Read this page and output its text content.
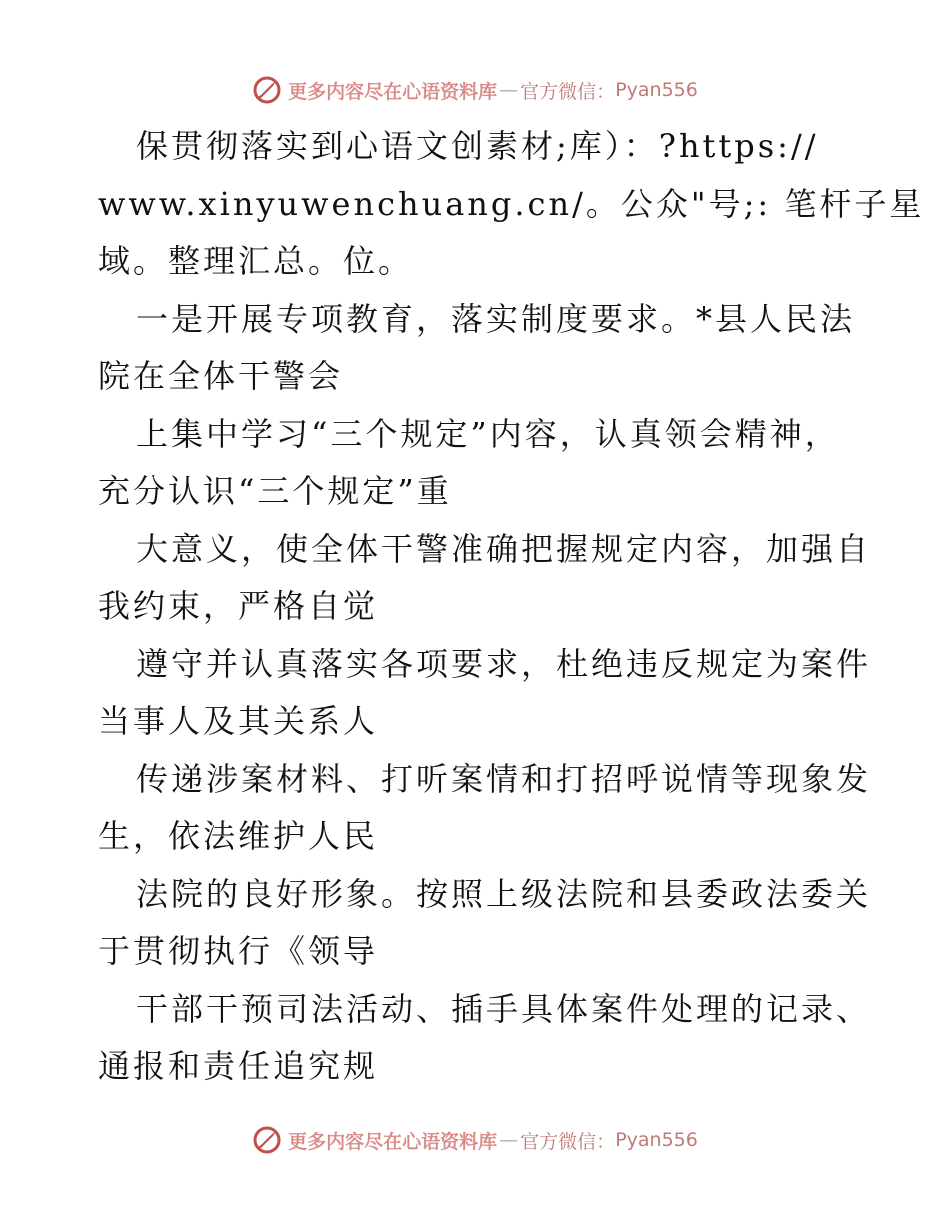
更多内容尽在心语资料库 — 官方微信： Pyan556
保贯彻落实到心语文创素材;库）：?https://
www.xinyuwenchuang.cn/。公众"号;: 笔杆子星
域。整理汇总。位。
一是开展专项教育，落实制度要求。*县人民法
院在全体干警会
上集中学习“三个规定”内容，认真领会精神，
充分认识“三个规定”重
大意义，使全体干警准确把握规定内容，加强自
我约束，严格自觉
遵守并认真落实各项要求，杜绝违反规定为案件
当事人及其关系人
传递涉案材料、打听案情和打招呼说情等现象发
生，依法维护人民
法院的良好形象。按照上级法院和县委政法委关
于贯彻执行《领导
干部干预司法活动、插手具体案件处理的记录、
通报和责任追究规
更多内容尽在心语资料库 — 官方微信： Pyan556
